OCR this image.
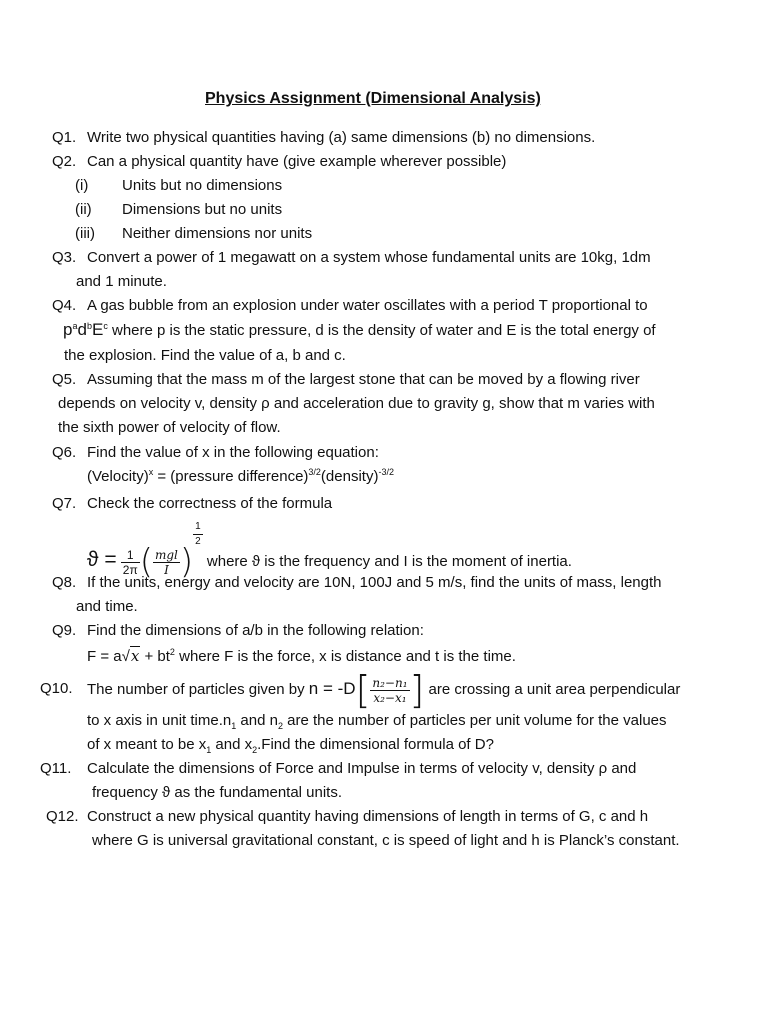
Physics Assignment (Dimensional Analysis)
Q1. Write two physical quantities having (a) same dimensions (b) no dimensions.
Q2. Can a physical quantity have (give example wherever possible)
(i) Units but no dimensions
(ii) Dimensions but no units
(iii) Neither dimensions nor units
Q3. Convert a power of 1 megawatt on a system whose fundamental units are 10kg, 1dm
and 1 minute.
Q4. A gas bubble from an explosion under water oscillates with a period T proportional to
$p^ad^bE^c$ where p is the static pressure, d is the density of water and E is the total energy of
the explosion. Find the value of a, b and c.
Q5. Assuming that the mass m of the largest stone that can be moved by a flowing river
depends on velocity v, density ρ and acceleration due to gravity g, show that m varies with
the sixth power of velocity of flow.
Q6. Find the value of x in the following equation:
(Velocity)$^x$ = (pressure difference)$^{3/2}$(density)$^{-3/2}$
Q7. Check the correctness of the formula
$ϑ = \frac{1}{2\pi}$ ( $\frac{\text{mgl}}{I}$ )
$\frac{1}{2}$
where ϑ is the frequency and I is the moment of inertia.
Q8. If the units, energy and velocity are 10N, 100J and 5 m/s, find the units of mass, length
and time.
Q9. Find the dimensions of a/b in the following relation:
$F = a√x + bt^2$ where F is the force, x is distance and t is the time.
Q10. The number of particles given by $n = -D[ \frac{\text{n₂−n₁}}{\text{x₂−x₁}}$ ] are crossing a unit area perpendicular
to x axis in unit $time.n_1$ and $n_2$ are the number of particles per unit volume for the values
of x meant to be $x_1$ and $x_2.Find$ the dimensional formula of D?
Q11. Calculate the dimensions of Force and Impulse in terms of velocity v, density ρ and
frequency ϑ as the fundamental units.
Q12. Construct a new physical quantity having dimensions of length in terms of G, c and h
where G is universal gravitational constant, c is speed of light and h is Planck’s constant.
